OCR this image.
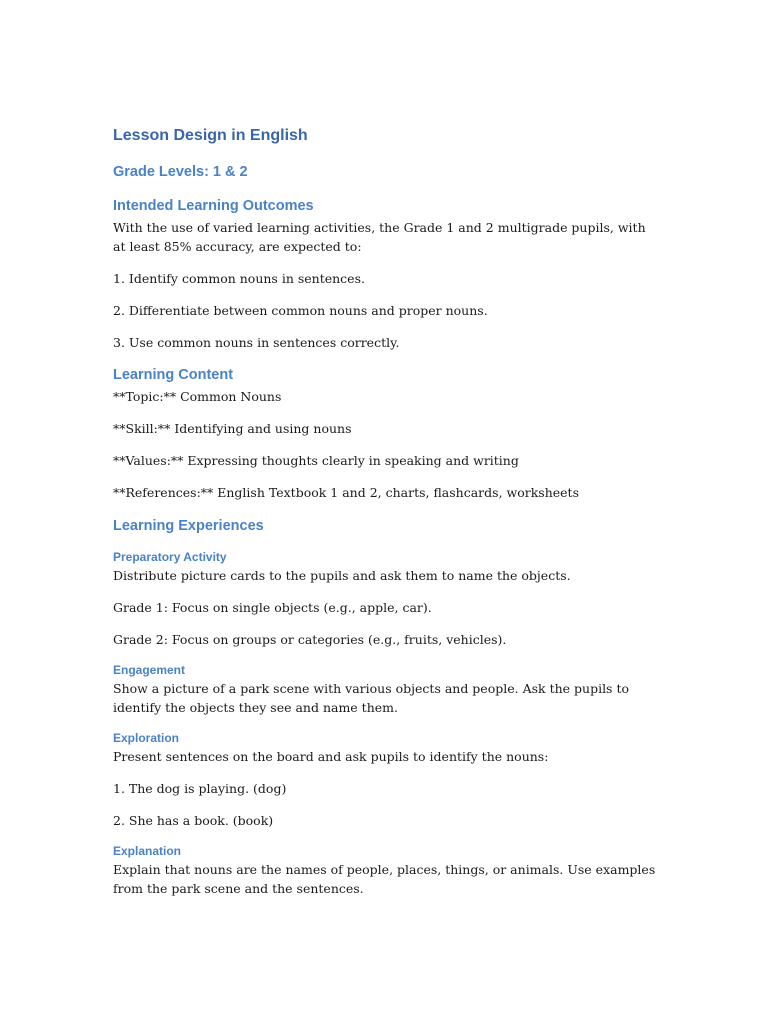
Lesson Design in English
Grade Levels: 1 & 2
Intended Learning Outcomes

With the use of varied learning activities, the Grade 1 and 2 multigrade pupils, with at least 85% accuracy, are expected to:

1. Identify common nouns in sentences.

2. Differentiate between common nouns and proper nouns.

3. Use common nouns in sentences correctly.

Learning Content

**Topic:** Common Nouns

**Skill:** Identifying and using nouns

**Values:** Expressing thoughts clearly in speaking and writing

**References:** English Textbook 1 and 2, charts, flashcards, worksheets

Learning Experiences
Preparatory Activity

Distribute picture cards to the pupils and ask them to name the objects.

Grade 1: Focus on single objects (e.g., apple, car).

Grade 2: Focus on groups or categories (e.g., fruits, vehicles).

Engagement

Show a picture of a park scene with various objects and people. Ask the pupils to identify the objects they see and name them.

Exploration

Present sentences on the board and ask pupils to identify the nouns:

1. The dog is playing. (dog)

2. She has a book. (book)

Explanation

Explain that nouns are the names of people, places, things, or animals. Use examples from the park scene and the sentences.
